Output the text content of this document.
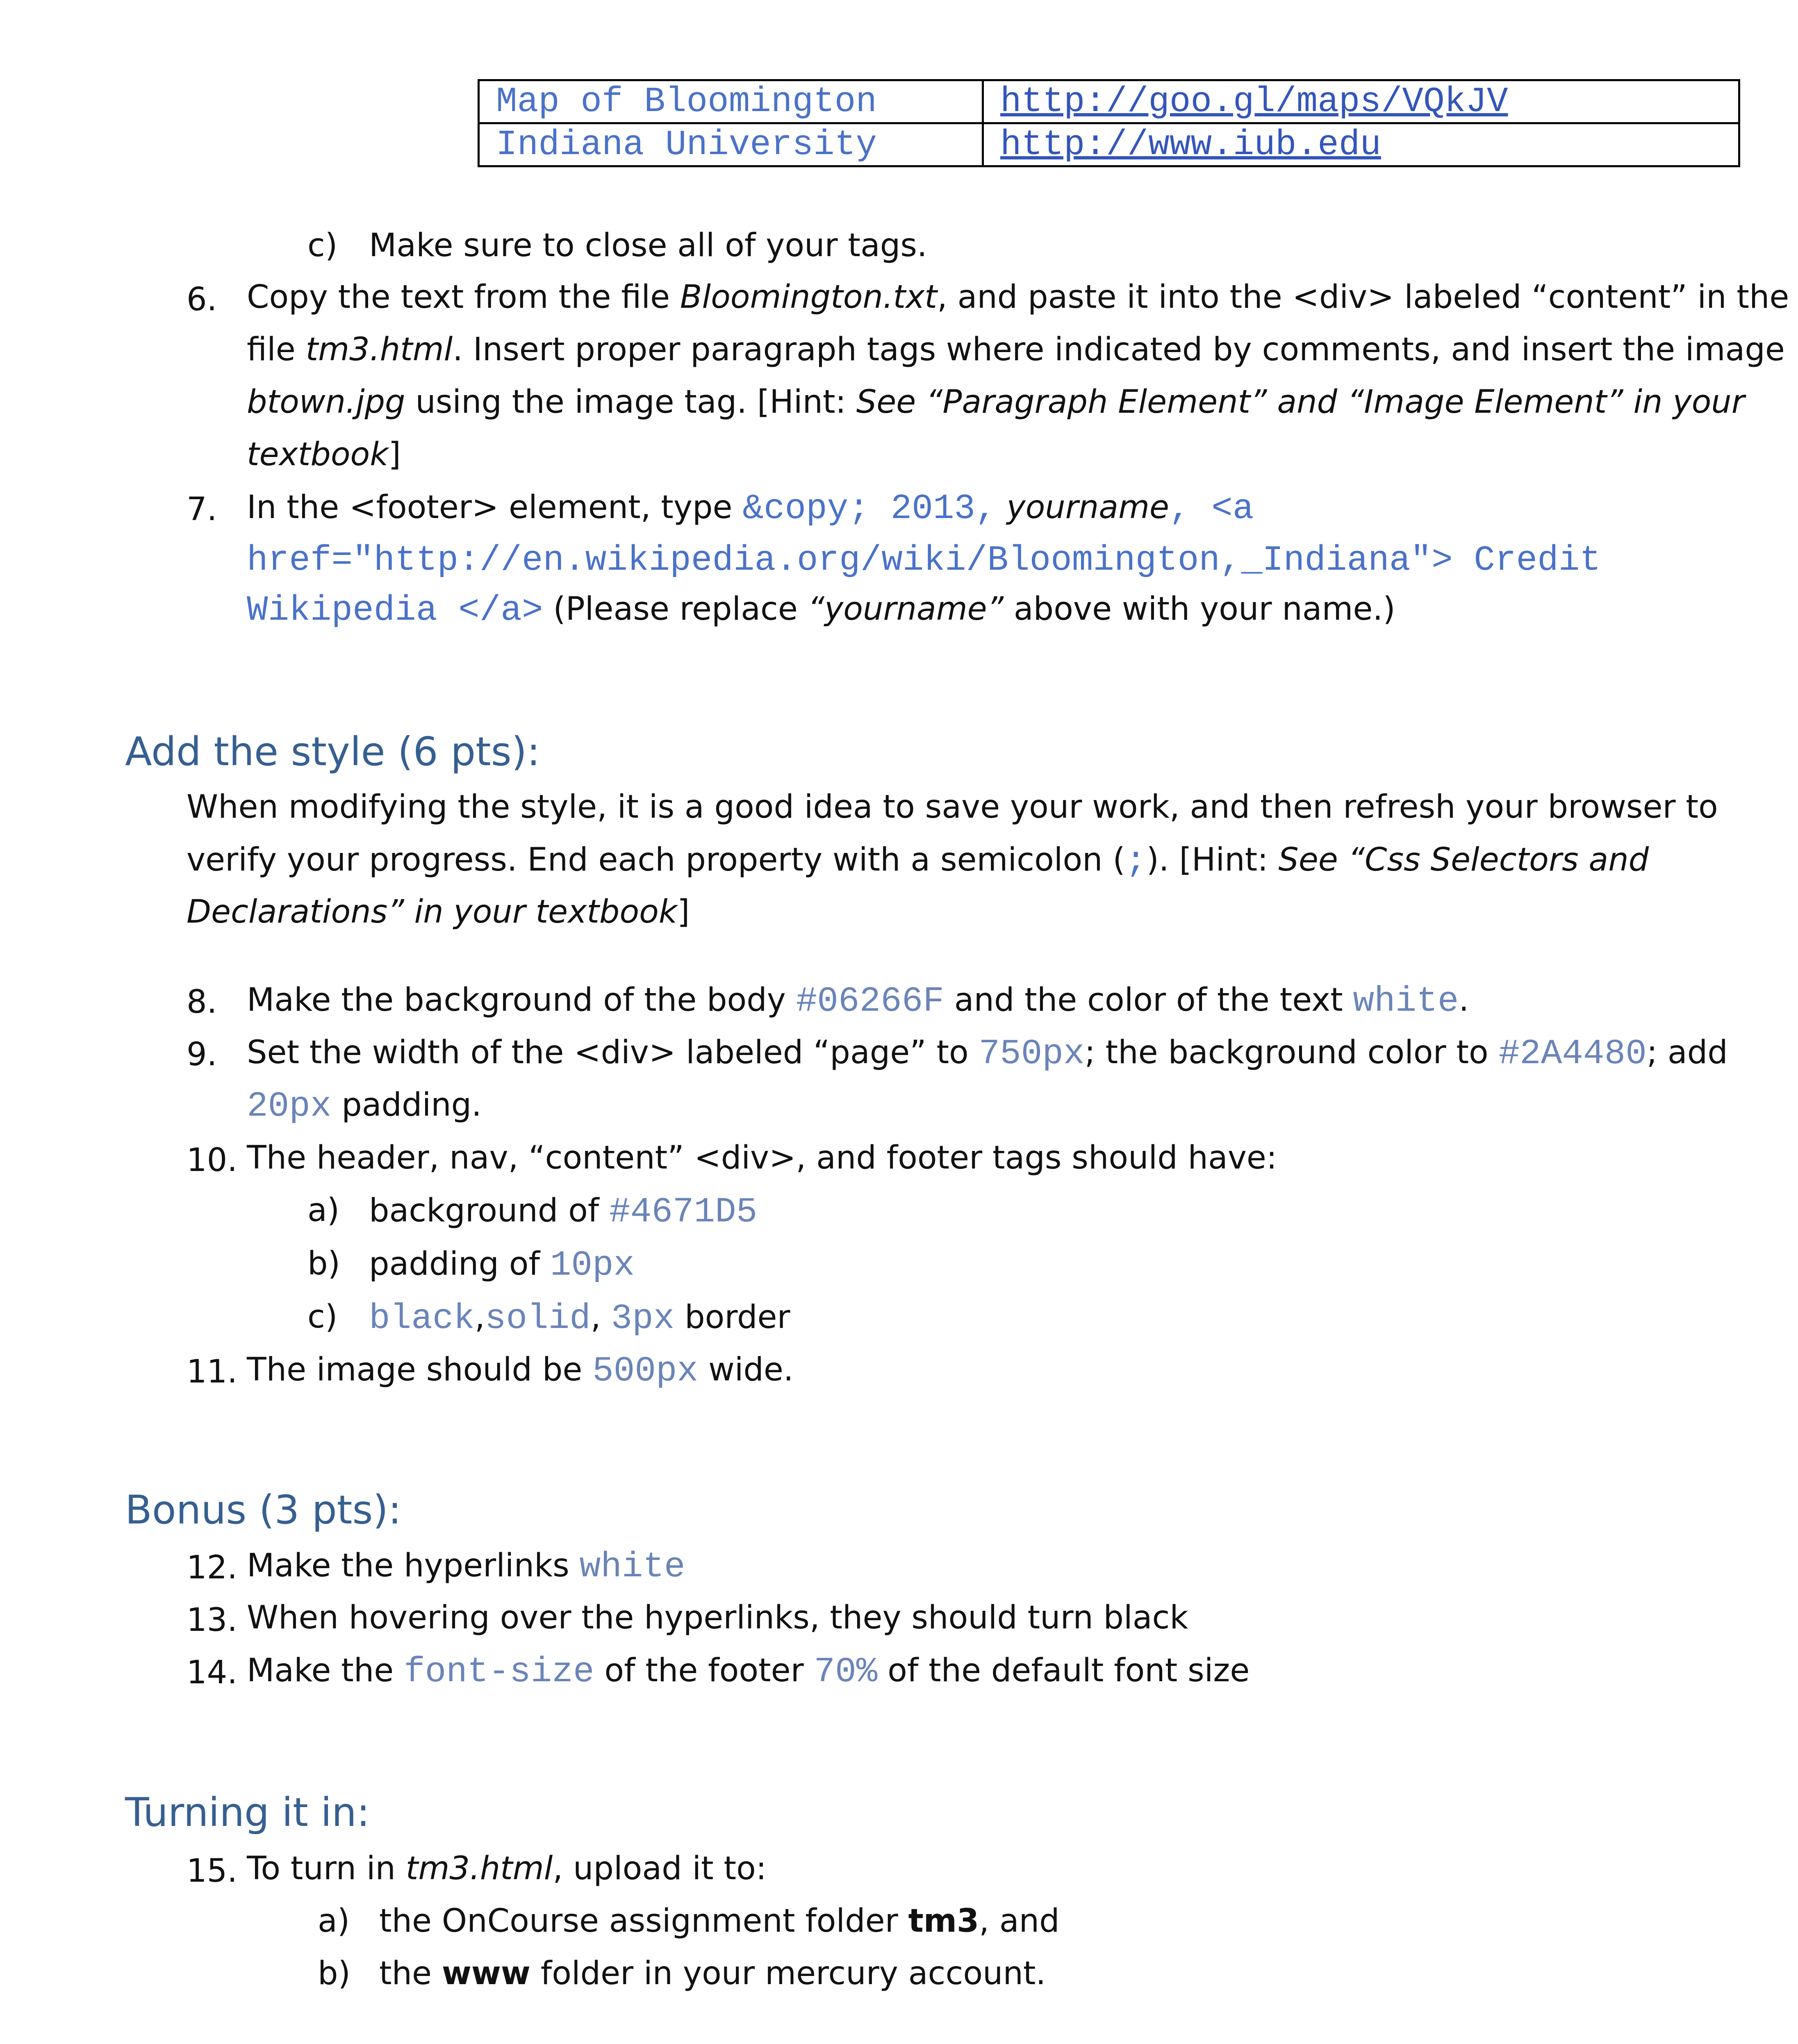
Map of Bloomington	http://goo.gl/maps/VQkJV
Indiana University	http://www.iub.edu
c) Make sure to close all of your tags.
6. Copy the text from the file Bloomington.txt, and paste it into the <div> labeled “content” in the
file tm3.html. Insert proper paragraph tags where indicated by comments, and insert the image
btown.jpg using the image tag. [Hint: See “Paragraph Element” and “Image Element” in your
textbook]
7. In the <footer> element, type &copy; 2013, yourname, <a
href="http://en.wikipedia.org/wiki/Bloomington,_Indiana"> Credit
Wikipedia </a> (Please replace “yourname” above with your name.)
Add the style (6 pts):
When modifying the style, it is a good idea to save your work, and then refresh your browser to
verify your progress. End each property with a semicolon (;). [Hint: See “Css Selectors and
Declarations” in your textbook]
8. Make the background of the body #06266F and the color of the text white.
9. Set the width of the <div> labeled “page” to 750px; the background color to #2A4480; add
20px padding.
10. The header, nav, “content” <div>, and footer tags should have:
a) background of #4671D5
b) padding of 10px
c) black,solid, 3px border
11. The image should be 500px wide.
Bonus (3 pts):
12. Make the hyperlinks white
13. When hovering over the hyperlinks, they should turn black
14. Make the font-size of the footer 70% of the default font size
Turning it in:
15. To turn in tm3.html, upload it to:
a) the OnCourse assignment folder tm3, and
b) the www folder in your mercury account.
